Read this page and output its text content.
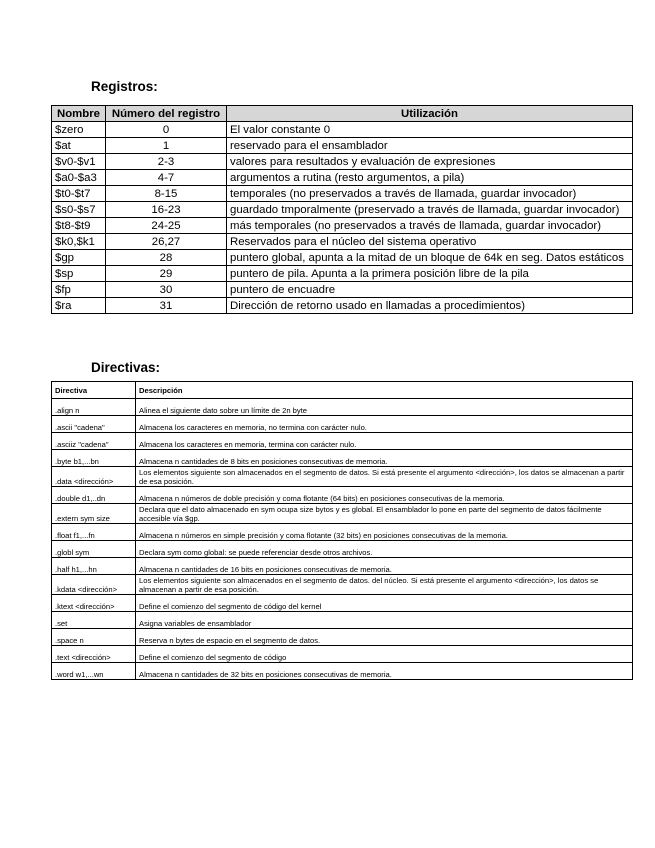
Registros:
Nombre	Número del registro	Utilización
$zero	0	El valor constante 0
$at	1	reservado para el ensamblador
$v0-$v1	2-3	valores para resultados y evaluación de expresiones
$a0-$a3	4-7	argumentos a rutina (resto argumentos, a pila)
$t0-$t7	8-15	temporales (no preservados a través de llamada, guardar invocador)
$s0-$s7	16-23	guardado tmporalmente (preservado a través de llamada, guardar invocador)
$t8-$t9	24-25	más temporales (no preservados a través de llamada, guardar invocador)
$k0,$k1	26,27	Reservados para el núcleo del sistema operativo
$gp	28	puntero global, apunta a la mitad de un bloque de 64k en seg. Datos estáticos
$sp	29	puntero de pila. Apunta a la primera posición libre de la pila
$fp	30	puntero de encuadre
$ra	31	Dirección de retorno usado en llamadas a procedimientos)
Directivas:
Directiva	Descripción
.align n	Alinea el siguiente dato sobre un límite de 2n byte
.ascii "cadena"	Almacena los caracteres en memoria, no termina con carácter nulo.
.asciiz "cadena"	Almacena los caracteres en memoria, termina con carácter nulo.
.byte b1,...bn	Almacena n cantidades de 8 bits en posiciones consecutivas de memoria.
.data <dirección>	Los elementos siguiente son almacenados en el segmento de datos. Si está presente el argumento <dirección>, los datos se almacenan a partir de esa posición.
.double d1,..dn	Almacena n números de doble precisión y coma flotante (64 bits) en posiciones consecutivas de la memoria.
.extern sym size	Declara que el dato almacenado en sym ocupa size bytos y es global. El ensamblador lo pone en parte del segmento de datos fácilmente accesible vía $gp.
.float f1,...fn	Almacena n números en simple precisión y coma flotante (32 bits) en posiciones consecutivas de la memoria.
.globl sym	Declara sym como global: se puede referenciar desde otros archivos.
.half h1,...hn	Almacena n cantidades de 16 bits en posiciones consecutivas de memoria.
.kdata <dirección>	Los elementos siguiente son almacenados en el segmento de datos. del núcleo. Si está presente el argumento <dirección>, los datos se almacenan a partir de esa posición.
.ktext <dirección>	Define el comienzo del segmento de código del kernel
.set	Asigna variables de ensamblador
.space n	Reserva n bytes de espacio en el segmento de datos.
.text <dirección>	Define el comienzo del segmento de código
.word w1,...wn	Almacena n cantidades de 32 bits en posiciones consecutivas de memoria.
